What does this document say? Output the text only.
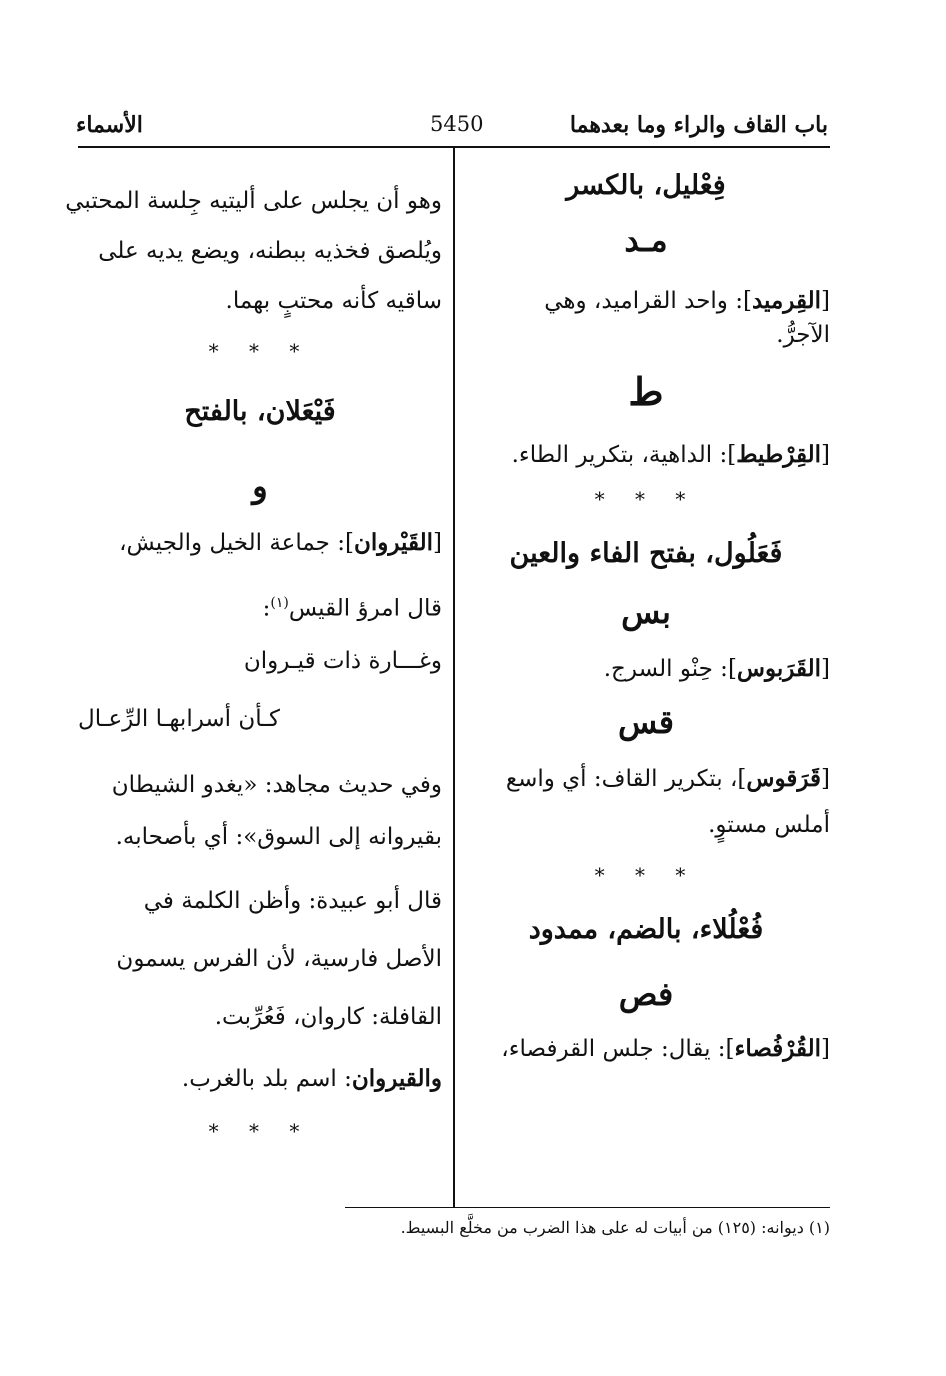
باب القاف والراء وما بعدهما
5450
الأسماء
فِعْليل، بالكسر
مـد
[القِرميد]: واحد القراميد، وهي
الآجرُّ.
ط
[القِرْطيط]: الداهية، بتكرير الطاء.
* * *
فَعَلُول، بفتح الفاء والعين
بس
[القَرَبوس]: حِنْو السرج.
قس
[قَرَقوس]، بتكرير القاف: أي واسع
أملس مستوٍ.
* * *
فُعْلُلاء، بالضم، ممدود
فص
[القُرْفُصاء]: يقال: جلس القرفصاء،
وهو أن يجلس على أليتيه جِلسة المحتبي
ويُلصق فخذيه ببطنه، ويضع يديه على
ساقيه كأنه محتبٍ بهما.
* * *
فَيْعَلان، بالفتح
و
[القَيْروان]: جماعة الخيل والجيش،
قال امرؤ القيس$^{(١)}$:
وغـــارة ذات قيـروان
كـأن أسرابهـا الرِّعـال
وفي حديث مجاهد: «يغدو الشيطان
بقيروانه إلى السوق»: أي بأصحابه.
قال أبو عبيدة: وأظن الكلمة في
الأصل فارسية، لأن الفرس يسمون
القافلة: كاروان، فَعُرِّبت.
والقيروان: اسم بلد بالغرب.
* * *
(١) ديوانه: (١٢٥) من أبيات له على هذا الضرب من مخلَّع البسيط.
